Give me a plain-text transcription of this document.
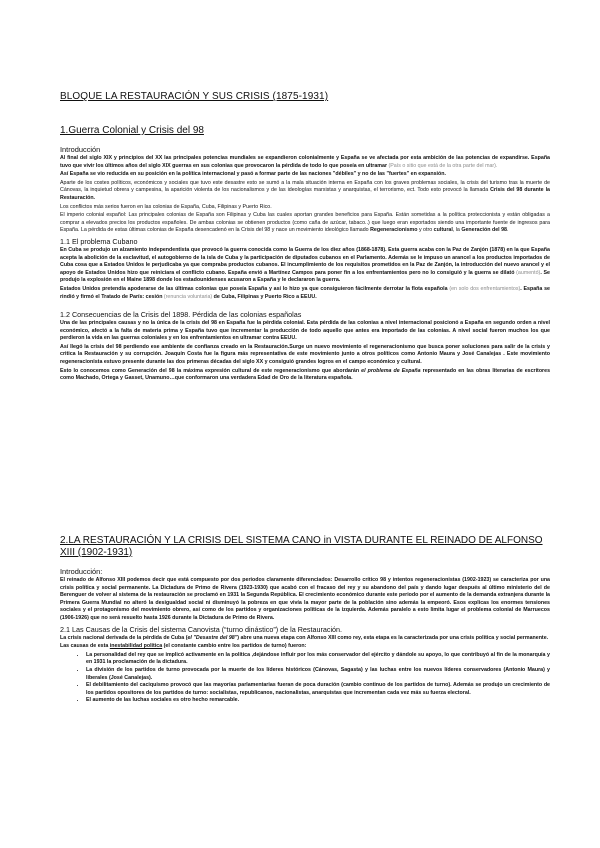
BLOQUE LA RESTAURACIÓN Y SUS CRISIS (1875-1931)
1.Guerra Colonial y Crisis del 98
Introducción

Al final del siglo XIX y principios del XX las principales potencias mundiales se expandieron colonialmente y España se ve afectada por esta ambición de las potencias de expandirse. España tuvo que vivir los últimos años del siglo XIX guerras en sus colonias que provocaron la pérdida de todo lo que poseía en ultramar (País o sitio que está de la otra parte del mar).

Así España se vio reducida en su posición en la política internacional y pasó a formar parte de las naciones "débiles" y no de las "fuertes" en expansión.

Aparte de los costes políticos, económicos y sociales que tuvo este desastre esto se sumó a la mala situación interna en España con los graves problemas sociales, la crisis del turismo tras la muerte de Cánovas, la inquietud obrera y campesina, la aparición violenta de los nacionalismos y de las ideologías marxistas y anarquistas, el terrorismo, ect. Todo esto provocó la llamada Crisis del 98 durante la Restauración.

Los conflictos más serios fueron en las colonias de España, Cuba, Filipinas y Puerto Rico.

El imperio colonial español: Las principales colonias de España son Filipinas y Cuba las cuales aportan grandes beneficios para España. Están sometidas a la política proteccionista y están obligadas a comprar a elevados precios los productos españoles. De ambas colonias se obtienen productos (como caña de azúcar, tabaco..) que luego eran exportados siendo una importante fuente de ingresos para España. La pérdida de estas últimas colonias de España desencadenó en la Crisis del 98 y nace un movimiento ideológico llamado Regeneracionismo y otro cultural, la Generación del 98.

1.1 El problema Cubano

En Cuba se produjo un alzamiento independentista que provocó la guerra conocida como la Guerra de los diez años (1868-1878). Esta guerra acaba con la Paz de Zanjón (1878) en la que España acepta la abolición de la esclavitud, el autogobierno de la isla de Cuba y la participación de diputados cubanos en el Parlamento. Además se le impuso un arancel a los productos importados de Cuba cosa que a Estados Unidos le perjudicaba ya que compraba productos cubanos. El incumplimiento de los requisitos prometidos en la Paz de Zanjón, la introducción del nuevo arancel y el apoyo de Estados Unidos hizo que reiniciara el conflicto cubano. España envió a Martínez Campos para poner fin a los enfrentamientos pero no lo consiguió y la guerra se dilató (aumentó). Se produjo la explosión en el Maine 1898 donde los estadounidenses acusaron a España y le declararon la guerra.

Estados Unidos pretendía apoderarse de las últimas colonias que poseía España y así lo hizo ya que consiguieron fácilmente derrotar la flota española (en solo dos enfrentamientos). España se rindió y firmó el Tratado de París: cesión (renuncia voluntaria) de Cuba, Filipinas y Puerto Rico a EEUU.

1.2 Consecuencias de la Crisis del 1898. Pérdida de las colonias españolas

Una de las principales causas y no la única de la crisis del 98 en España fue la pérdida colonial. Esta pérdida de las colonias a nivel internacional posicionó a España en segundo orden a nivel económico, afectó a la falta de materia prima y España tuvo que incrementar la producción de todo aquello que antes era importado de las colonias. A nivel social fueron muchos los que perdieron la vida en las guerras coloniales y en los enfrentamientos en ultramar contra EEUU.

Así llegó la crisis del 98 perdiendo ese ambiente de confianza creado en la Restauración.Surge un nuevo movimiento el regeneracionismo que busca poner soluciones para salir de la crisis y critica la Restauración y su corrupción. Joaquín Costa fue la figura más representativa de este movimiento junto a otros políticos como Antonio Maura y José Canalejas . Este movimiento regeneracionista estuvo presente durante las dos primeras décadas del siglo XX y consiguió grandes logros en el campo económico y cultural.

Esto lo conocemos como Generación del 98 la máxima expresión cultural de este regeneracionismo que abordarán el problema de España representado en las obras literarias de escritores como Machado, Ortega y Gasset, Unamuno…que conformaron una verdadera Edad de Oro de la literatura española.

2.LA RESTAURACIÓN Y LA CRISIS DEL SISTEMA CANO in VISTA DURANTE EL REINADO DE ALFONSO XIII (1902-1931)
Introducción:

El reinado de Alfonso XIII podemos decir que está compuesto por dos periodos claramente diferenciados: Desarrollo crítico 98 y intentos regeneracionistas (1902-1923) se caracteriza por una crisis política y social permanente. La Dictadura de Primo de Rivera (1923-1930) que acabó con el fracaso del rey y su abandono del país y dando lugar después al último ministerio del de Berenguer de volver al sistema de la restauración se proclamó en 1931 la Segunda República. El crecimiento económico durante este periodo por el aumento de la demanda extranjera durante la Primera Guerra Mundial no alteró la desigualdad social ni disminuyó la pobreza en que vivía la mayor parte de la población sino además la empeoró. Esos explicas los enormes tensiones sociales y el protagonismo del movimiento obrero, así como de los partidos y organizaciones políticas de la izquierda. Además paralelo a esto limita lugar el problema colonial de Marruecos (1906-1926) que no será resuelto hasta 1926 durante la Dictadura de Primo de Rivera.

2.1 Las Causas de la Crisis del sistema Canovista (“turno dinástico”) de la Restauración.

La crisis nacional derivada de la pérdida de Cuba (el "Desastre del 98") abre una nueva etapa con Alfonso XIII como rey, esta etapa es la caracterizada por una crisis política y social permanente.

Las causas de esta inestabilidad política (el constante cambio entre los partidos de turno) fueron:

• La personalidad del rey que se implicó activamente en la política ,dejándose influir por los más conservador del ejército y dándole su apoyo, lo que contribuyó al fin de la monarquía y en 1931 la proclamación de la dictadura.
• La división de los partidos de turno provocada por la muerte de los líderes históricos (Cánovas, Sagasta) y las luchas entre los nuevos líderes conservadores (Antonio Maura) y liberales (José Canalejas).
• El debilitamiento del caciquismo provocó que las mayorías parlamentarias fueran de poca duración (cambio continuo de los partidos de turno). Además se produjo un crecimiento de los partidos opositores de los partidos de turno: socialistas, republicanos, nacionalistas, anarquistas que incrementan cada vez más su fuerza electoral.
• El aumento de las luchas sociales es otro hecho remarcable.
